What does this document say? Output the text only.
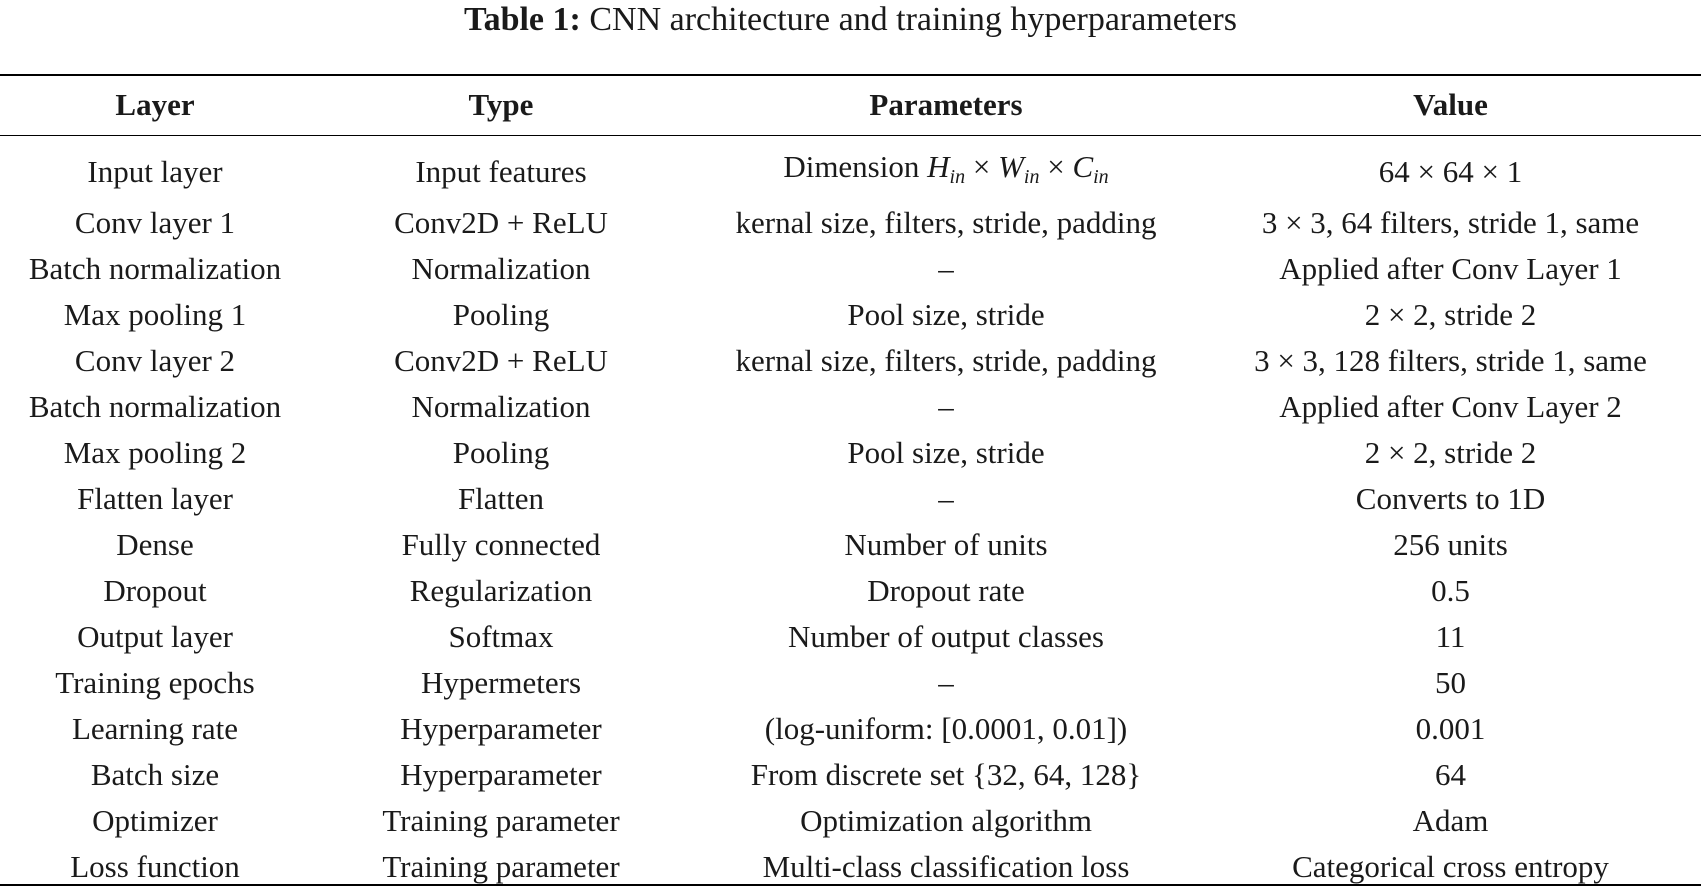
Table 1: CNN architecture and training hyperparameters
Layer	Type	Parameters	Value
Input layer	Input features	Dimension $H_{in} \times W_{in} \times C_{in}$	64 × 64 × 1
Conv layer 1	Conv2D + ReLU	kernal size, filters, stride, padding	3 × 3, 64 filters, stride 1, same
Batch normalization	Normalization	–	Applied after Conv Layer 1
Max pooling 1	Pooling	Pool size, stride	2 × 2, stride 2
Conv layer 2	Conv2D + ReLU	kernal size, filters, stride, padding	3 × 3, 128 filters, stride 1, same
Batch normalization	Normalization	–	Applied after Conv Layer 2
Max pooling 2	Pooling	Pool size, stride	2 × 2, stride 2
Flatten layer	Flatten	–	Converts to 1D
Dense	Fully connected	Number of units	256 units
Dropout	Regularization	Dropout rate	0.5
Output layer	Softmax	Number of output classes	11
Training epochs	Hypermeters	–	50
Learning rate	Hyperparameter	(log-uniform: [0.0001, 0.01])	0.001
Batch size	Hyperparameter	From discrete set {32, 64, 128}	64
Optimizer	Training parameter	Optimization algorithm	Adam
Loss function	Training parameter	Multi-class classification loss	Categorical cross entropy
